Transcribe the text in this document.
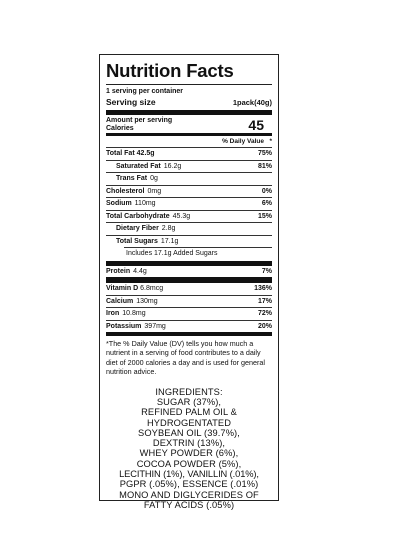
Nutrition Facts
1 serving per container
Serving size	1pack(40g)
Amount per serving
Calories	45
% Daily Value *
Total Fat 42.5g	75%
Saturated Fat 16.2g	81%
Trans Fat 0g
Cholesterol 0mg	0%
Sodium 110mg	6%
Total Carbohydrate 45.3g	15%
Dietary Fiber 2.8g
Total Sugars 17.1g
Includes 17.1g Added Sugars
Protein 4.4g	7%
Vitamin D 6.8mcg	136%
Calcium 130mg	17%
Iron 10.8mg	72%
Potassium 397mg	20%
*The % Daily Value (DV) tells you how much a nutrient in a serving of food contributes to a daily diet of 2000 calories a day and is used for general nutrition advice.
INGREDIENTS:
SUGAR (37%),
REFINED PALM OIL &
HYDROGENTATED
SOYBEAN OIL (39.7%),
DEXTRIN (13%),
WHEY POWDER (6%),
COCOA POWDER (5%),
LECITHIN (1%), VANILLIN (.01%),
PGPR (.05%), ESSENCE (.01%)
MONO AND DIGLYCERIDES OF
FATTY ACIDS (.05%)
